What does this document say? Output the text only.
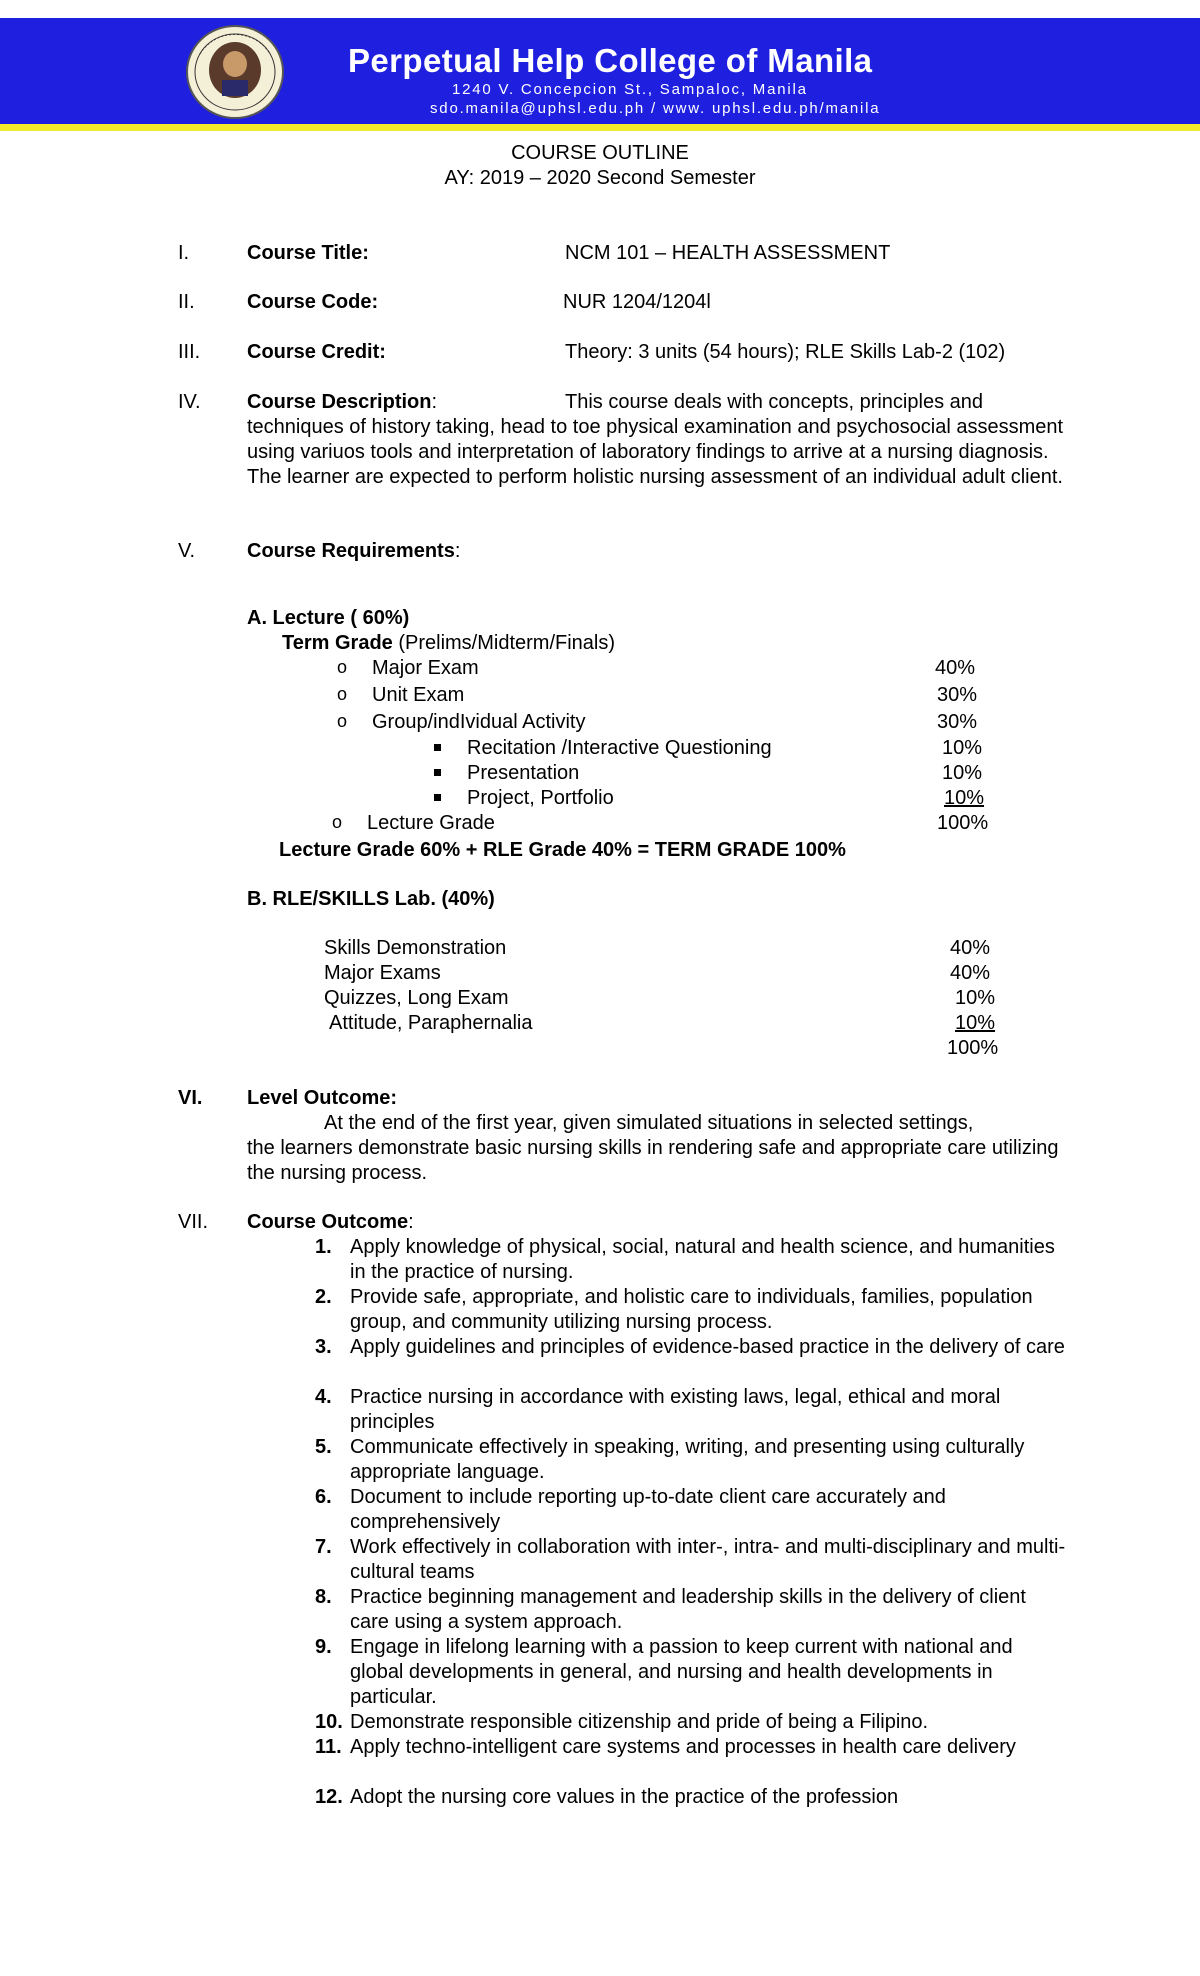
Perpetual Help College of Manila
1240 V. Concepcion St., Sampaloc, Manila
sdo.manila@uphsl.edu.ph / www. uphsl.edu.ph/manila
COURSE OUTLINE
AY: 2019 – 2020 Second Semester
I.	Course Title:	NCM 101 – HEALTH ASSESSMENT
II.	Course Code:	NUR 1204/1204l
III. Course Credit:	Theory: 3 units (54 hours); RLE Skills Lab-2 (102)
IV. Course Description:	This course deals with concepts, principles and
techniques of history taking, head to toe physical examination and psychosocial assessment using variuos tools and interpretation of laboratory findings to arrive at a nursing diagnosis. The learner are expected to perform holistic nursing assessment of an individual adult client.
V.	Course Requirements:
A. Lecture ( 60%)
Term Grade (Prelims/Midterm/Finals)
o Major Exam	40%
o Unit Exam	30%
o Group/indIvidual Activity	30%
Recitation /Interactive Questioning	10%
Presentation	10%
Project, Portfolio	10%
o Lecture Grade	100%
Lecture Grade 60% + RLE Grade 40% = TERM GRADE 100%
B. RLE/SKILLS Lab. (40%)
Skills Demonstration	40%
Major Exams	40%
Quizzes, Long Exam	10%
Attitude, Paraphernalia	10%
100%
VI. Level Outcome:
At the end of the first year, given simulated situations in selected settings,
the learners demonstrate basic nursing skills in rendering safe and appropriate care utilizing the nursing process.
VII. Course Outcome:
1. Apply knowledge of physical, social, natural and health science, and humanities in the practice of nursing.
2. Provide safe, appropriate, and holistic care to individuals, families, population group, and community utilizing nursing process.
3. Apply guidelines and principles of evidence-based practice in the delivery of care
4. Practice nursing in accordance with existing laws, legal, ethical and moral principles
5. Communicate effectively in speaking, writing, and presenting using culturally appropriate language.
6. Document to include reporting up-to-date client care accurately and comprehensively
7. Work effectively in collaboration with inter-, intra- and multi-disciplinary and multi-cultural teams
8. Practice beginning management and leadership skills in the delivery of client care using a system approach.
9. Engage in lifelong learning with a passion to keep current with national and global developments in general, and nursing and health developments in particular.
10. Demonstrate responsible citizenship and pride of being a Filipino.
11. Apply techno-intelligent care systems and processes in health care delivery
12. Adopt the nursing core values in the practice of the profession
